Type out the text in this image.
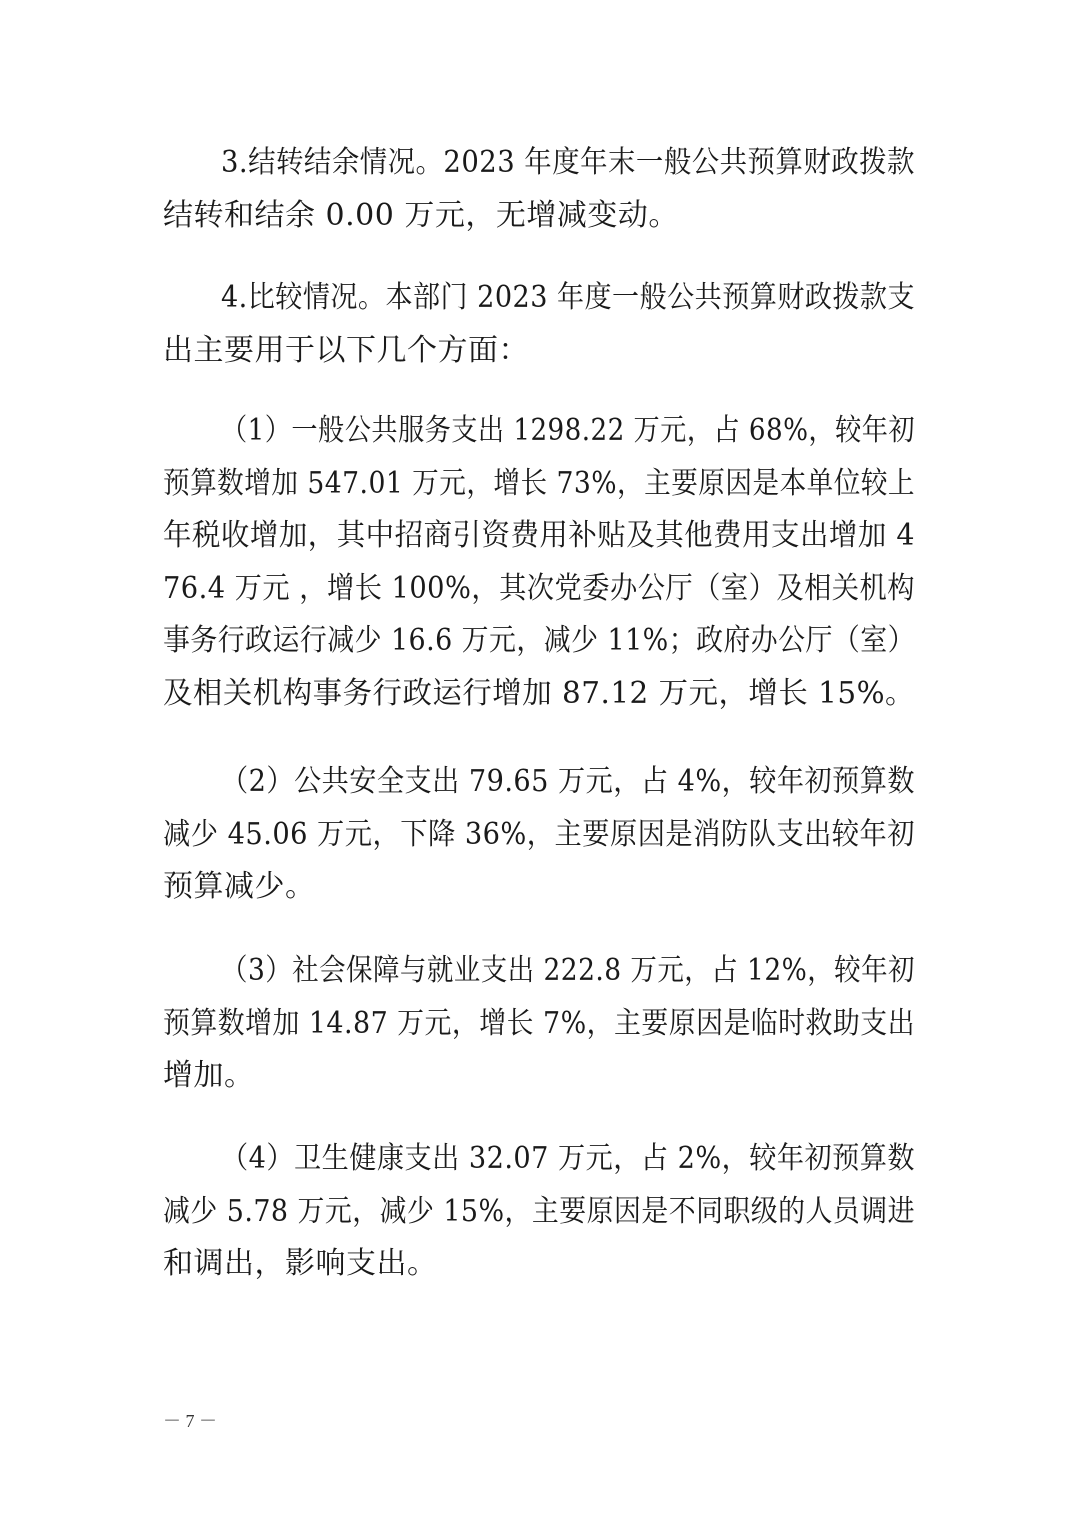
3.结转结余情况。2023 年度年末一般公共预算财政拨款
结转和结余 0.00 万元，无增减变动。

4.比较情况。本部门 2023 年度一般公共预算财政拨款支
出主要用于以下几个方面：

（1）一般公共服务支出 1298.22 万元，占 68%，较年初
预算数增加 547.01 万元，增长 73%，主要原因是本单位较上
年税收增加，其中招商引资费用补贴及其他费用支出增加 4
76.4 万元 ，增长 100%，其次党委办公厅（室）及相关机构
事务行政运行减少 16.6 万元，减少 11%；政府办公厅（室）
及相关机构事务行政运行增加 87.12 万元，增长 15%。

（2）公共安全支出 79.65 万元，占 4%，较年初预算数
减少 45.06 万元，下降 36%，主要原因是消防队支出较年初
预算减少。

（3）社会保障与就业支出 222.8 万元，占 12%，较年初
预算数增加 14.87 万元，增长 7%，主要原因是临时救助支出
增加。

（4）卫生健康支出 32.07 万元，占 2%，较年初预算数
减少 5.78 万元，减少 15%，主要原因是不同职级的人员调进
和调出，影响支出。

－ 7 －
